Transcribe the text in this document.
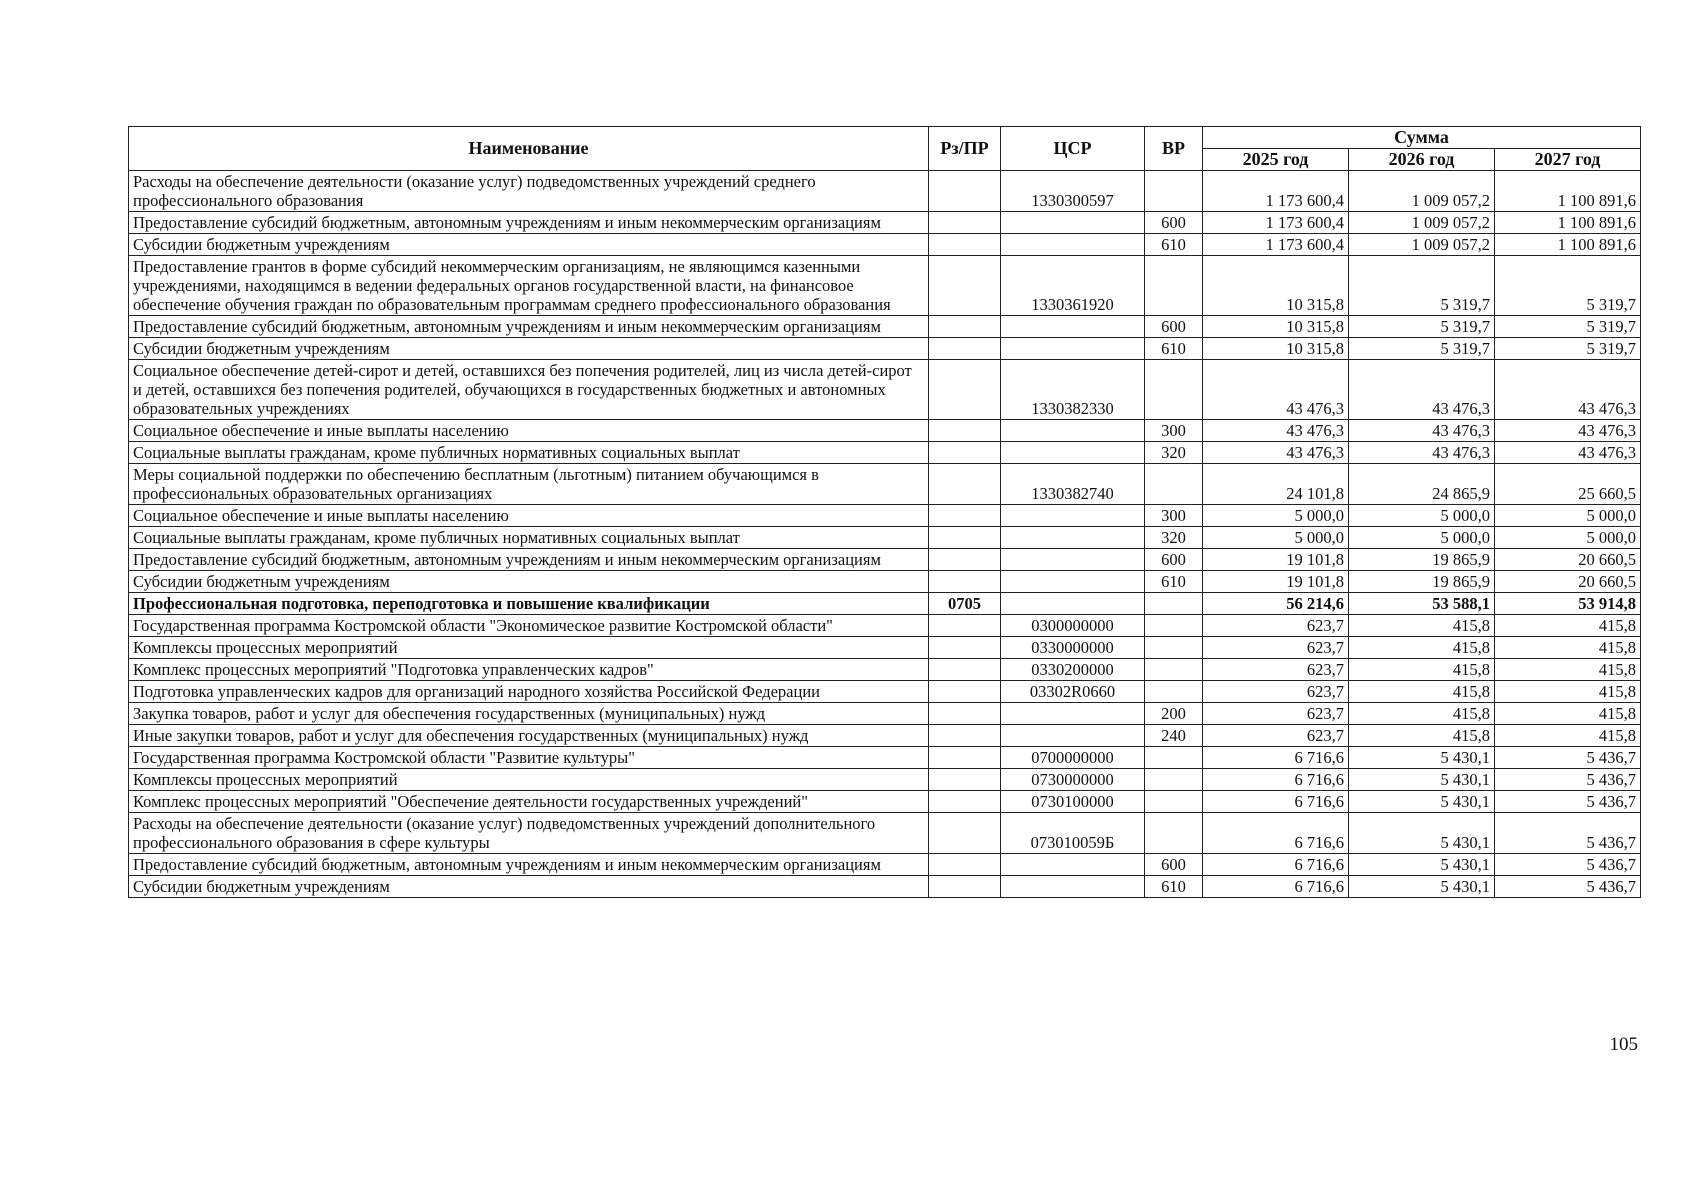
Наименование	Рз/ПР	ЦСР	ВР	Сумма		
				2025 год	2026 год	2027 год
Расходы на обеспечение деятельности (оказание услуг) подведомственных учреждений среднего профессионального образования		1330300597		1 173 600,4	1 009 057,2	1 100 891,6
Предоставление субсидий бюджетным, автономным учреждениям и иным некоммерческим организациям			600	1 173 600,4	1 009 057,2	1 100 891,6
Субсидии бюджетным учреждениям			610	1 173 600,4	1 009 057,2	1 100 891,6
Предоставление грантов в форме субсидий некоммерческим организациям, не являющимся казенными учреждениями, находящимся в ведении федеральных органов государственной власти, на финансовое обеспечение обучения граждан по образовательным программам среднего профессионального образования		1330361920		10 315,8	5 319,7	5 319,7
Предоставление субсидий бюджетным, автономным учреждениям и иным некоммерческим организациям			600	10 315,8	5 319,7	5 319,7
Субсидии бюджетным учреждениям			610	10 315,8	5 319,7	5 319,7
Социальное обеспечение детей-сирот и детей, оставшихся без попечения родителей, лиц из числа детей-сирот и детей, оставшихся без попечения родителей, обучающихся в государственных бюджетных и автономных образовательных учреждениях		1330382330		43 476,3	43 476,3	43 476,3
Социальное обеспечение и иные выплаты населению			300	43 476,3	43 476,3	43 476,3
Социальные выплаты гражданам, кроме публичных нормативных социальных выплат			320	43 476,3	43 476,3	43 476,3
Меры социальной поддержки по обеспечению бесплатным (льготным) питанием обучающимся в профессиональных образовательных организациях		1330382740		24 101,8	24 865,9	25 660,5
Социальное обеспечение и иные выплаты населению			300	5 000,0	5 000,0	5 000,0
Социальные выплаты гражданам, кроме публичных нормативных социальных выплат			320	5 000,0	5 000,0	5 000,0
Предоставление субсидий бюджетным, автономным учреждениям и иным некоммерческим организациям			600	19 101,8	19 865,9	20 660,5
Субсидии бюджетным учреждениям			610	19 101,8	19 865,9	20 660,5
Профессиональная подготовка, переподготовка и повышение квалификации	0705			56 214,6	53 588,1	53 914,8
Государственная программа Костромской области "Экономическое развитие Костромской области"		0300000000		623,7	415,8	415,8
Комплексы процессных мероприятий		0330000000		623,7	415,8	415,8
Комплекс процессных мероприятий "Подготовка управленческих кадров"		0330200000		623,7	415,8	415,8
Подготовка управленческих кадров для организаций народного хозяйства Российской Федерации		03302R0660		623,7	415,8	415,8
Закупка товаров, работ и услуг для обеспечения государственных (муниципальных) нужд			200	623,7	415,8	415,8
Иные закупки товаров, работ и услуг для обеспечения государственных (муниципальных) нужд			240	623,7	415,8	415,8
Государственная программа Костромской области "Развитие культуры"		0700000000		6 716,6	5 430,1	5 436,7
Комплексы процессных мероприятий		0730000000		6 716,6	5 430,1	5 436,7
Комплекс процессных мероприятий "Обеспечение деятельности государственных учреждений"		0730100000		6 716,6	5 430,1	5 436,7
Расходы на обеспечение деятельности (оказание услуг) подведомственных учреждений дополнительного профессионального образования в сфере культуры		073010059Б		6 716,6	5 430,1	5 436,7
Предоставление субсидий бюджетным, автономным учреждениям и иным некоммерческим организациям			600	6 716,6	5 430,1	5 436,7
Субсидии бюджетным учреждениям			610	6 716,6	5 430,1	5 436,7
105
